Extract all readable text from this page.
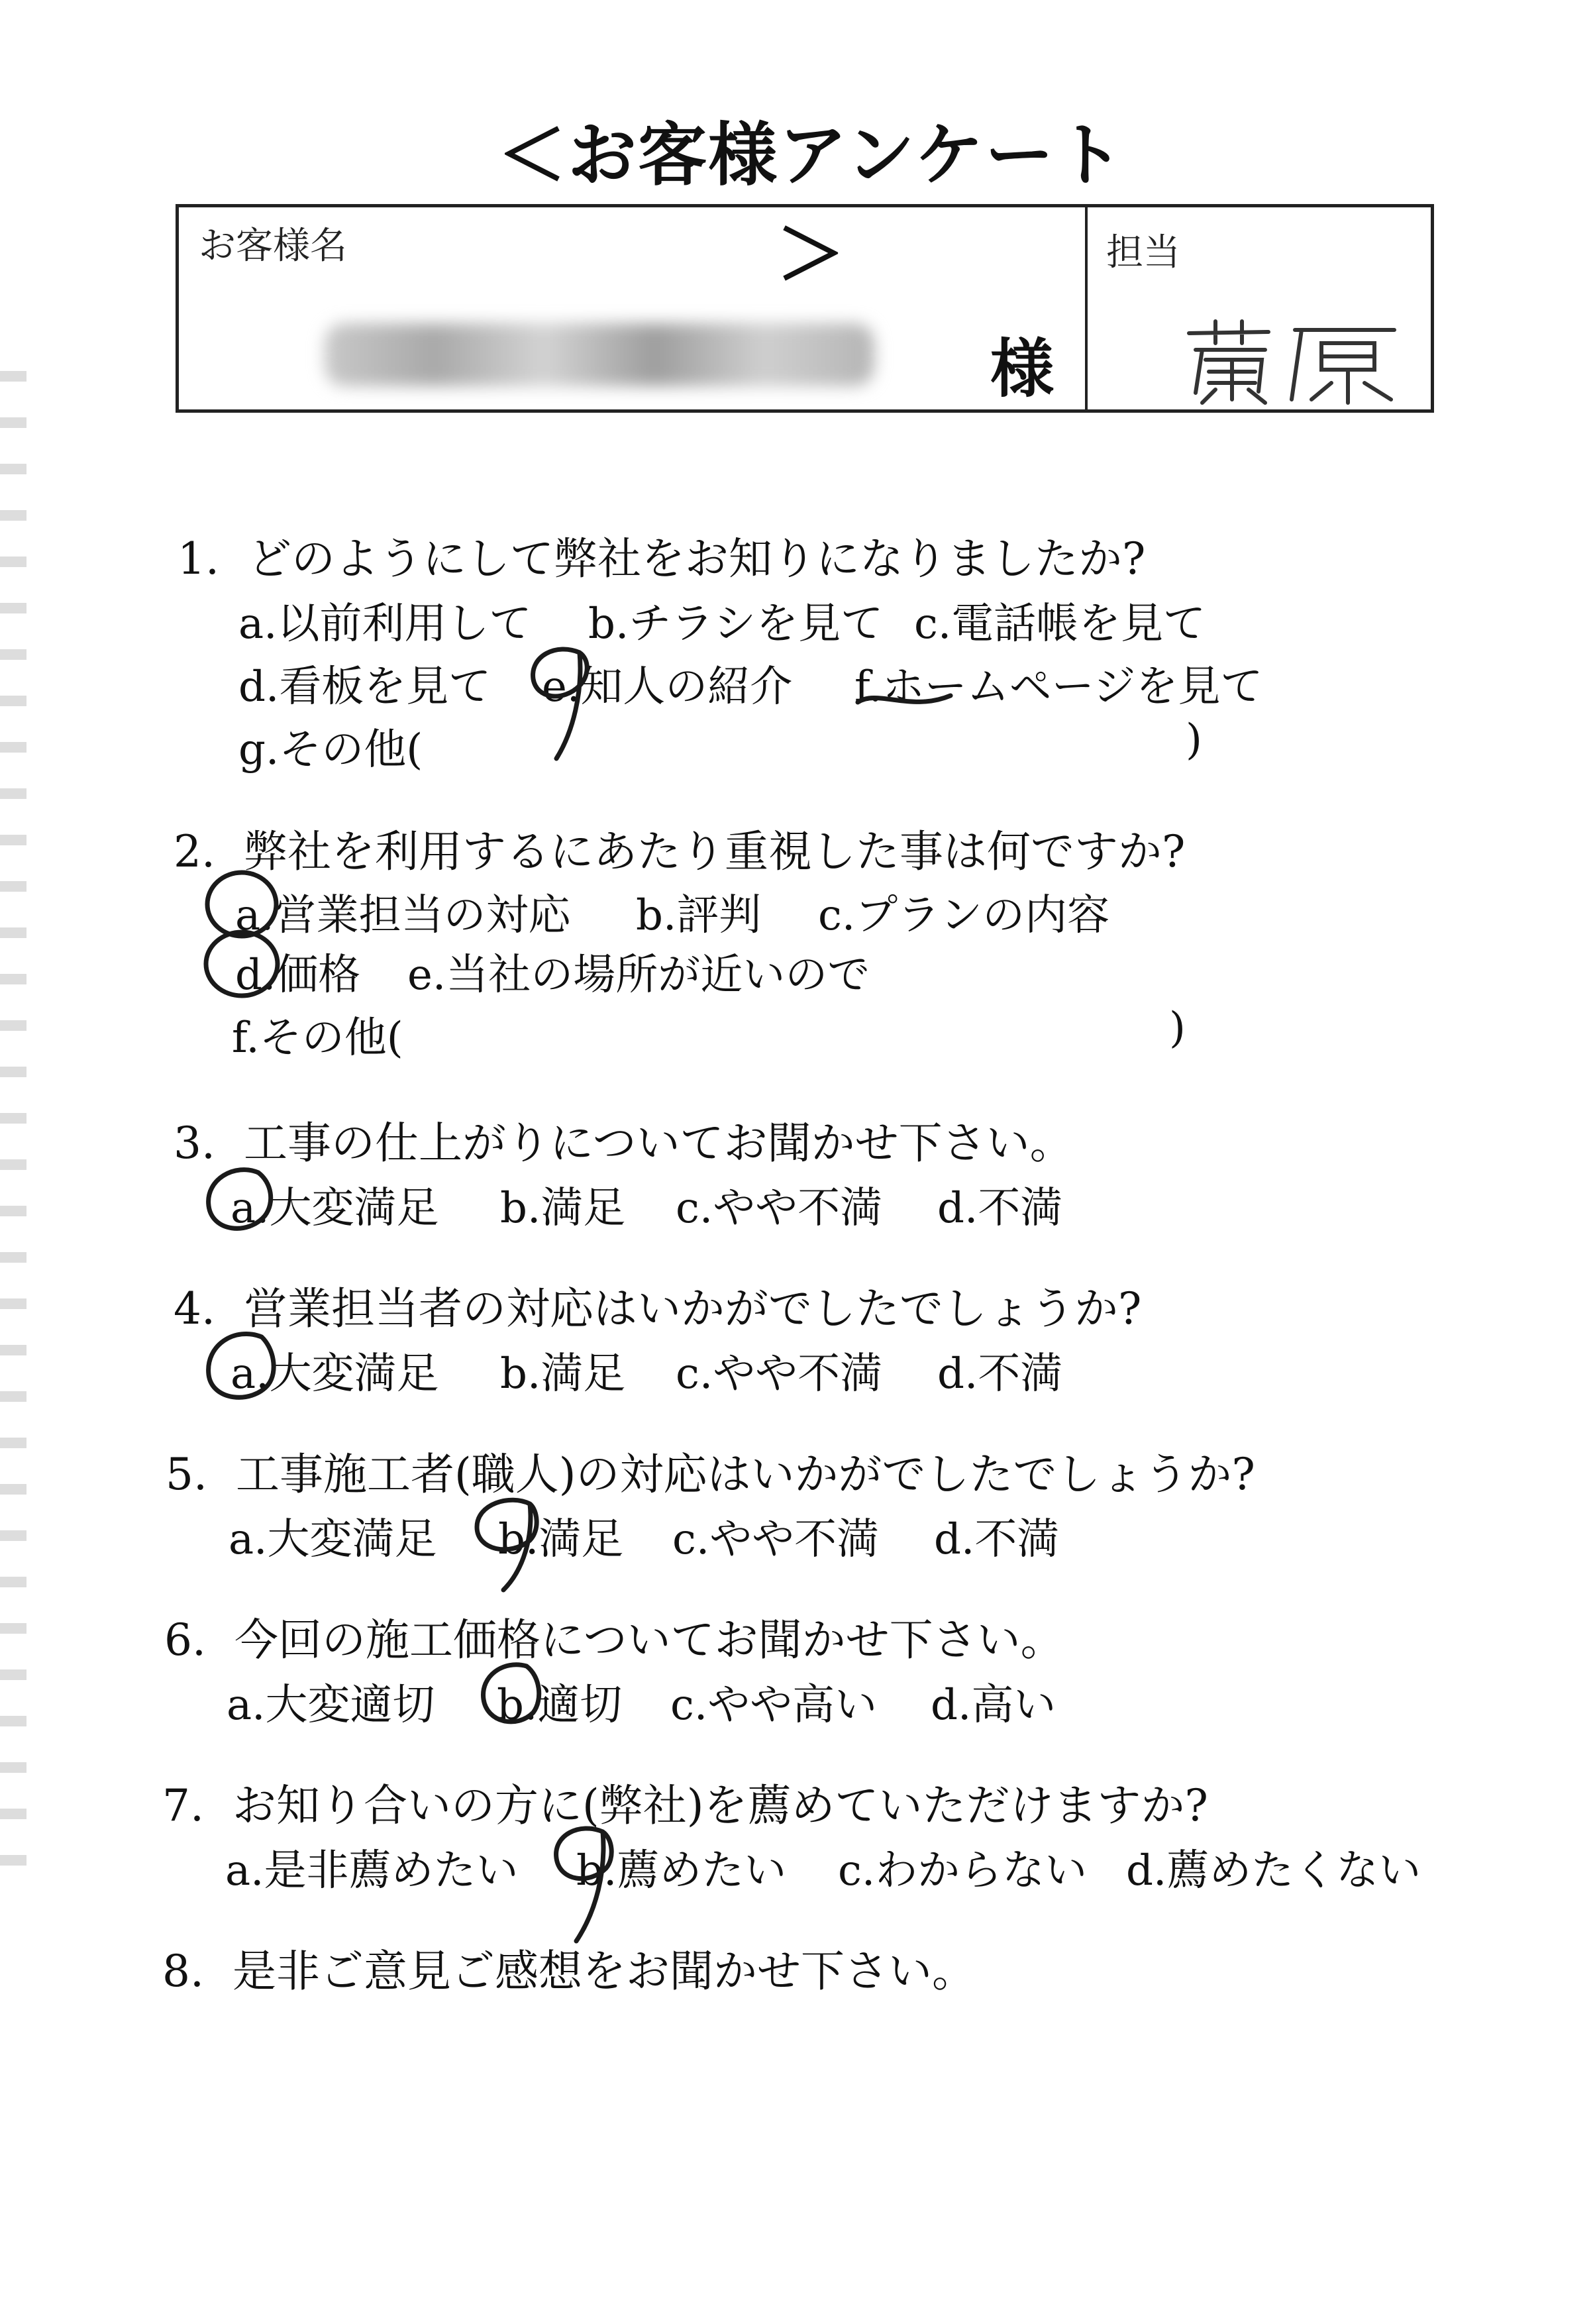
＜お客様アンケート＞
お客様名
様
担当
1. どのようにして弊社をお知りになりましたか?
a.以前利用して b.チラシを見て c.電話帳を見て
d.看板を見て e.知人の紹介 f.ホームページを見て
g.その他(	)
2. 弊社を利用するにあたり重視した事は何ですか?
a.営業担当の対応 b.評判 c.プランの内容
d.価格 e.当社の場所が近いので
f.その他(	)
3. 工事の仕上がりについてお聞かせ下さい。
a.大変満足 b.満足 c.やや不満 d.不満
4. 営業担当者の対応はいかがでしたでしょうか?
a.大変満足 b.満足 c.やや不満 d.不満
5. 工事施工者(職人)の対応はいかがでしたでしょうか?
a.大変満足 b.満足 c.やや不満 d.不満
6. 今回の施工価格についてお聞かせ下さい。
a.大変適切 b.適切 c.やや高い d.高い
7. お知り合いの方に(弊社)を薦めていただけますか?
a.是非薦めたい b.薦めたい c.わからない d.薦めたくない
8. 是非ご意見ご感想をお聞かせ下さい。
